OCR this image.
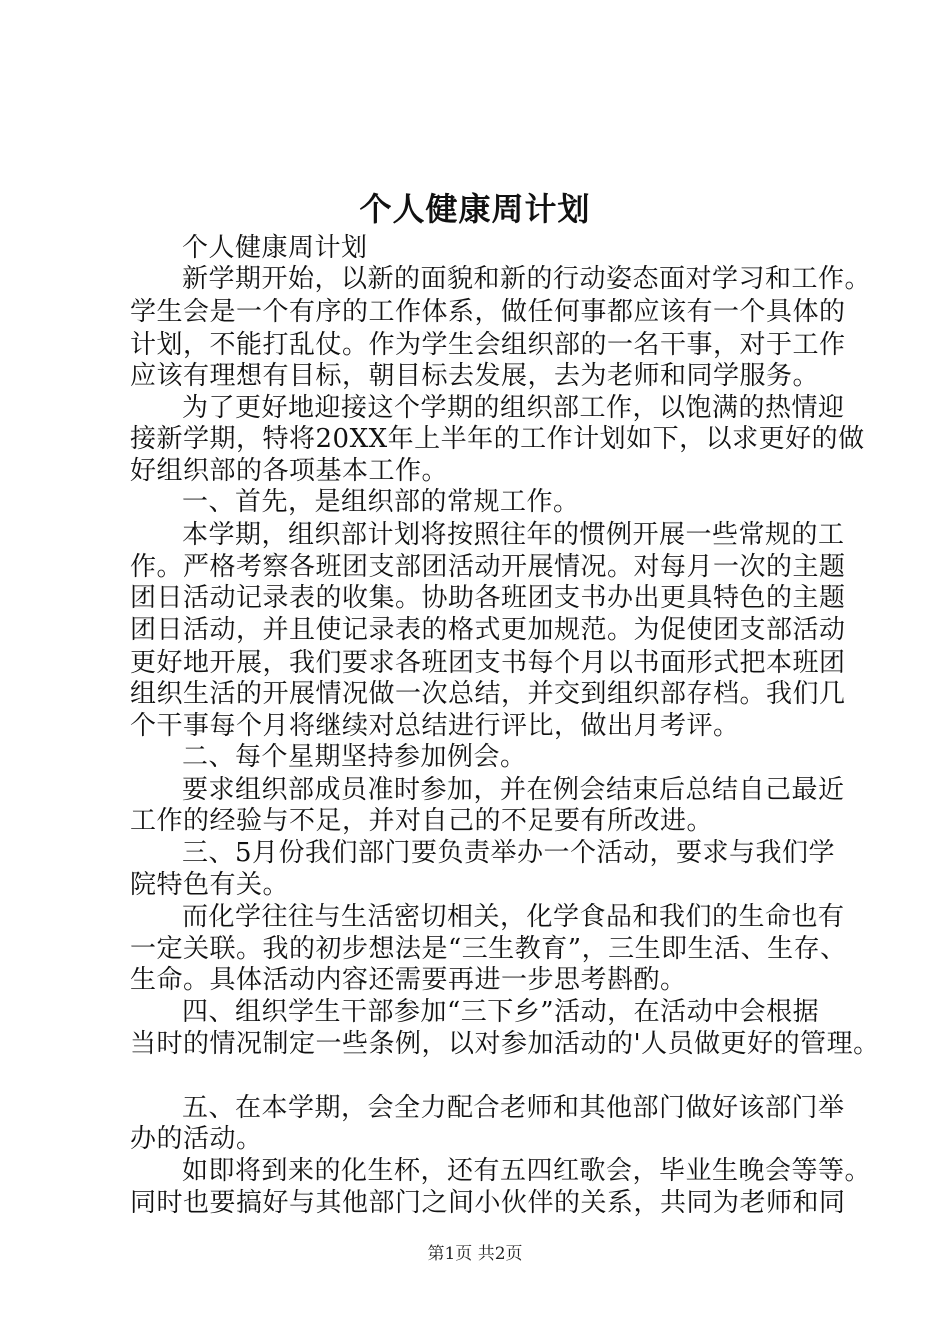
个人健康周计划
个人健康周计划
新学期开始，以新的面貌和新的行动姿态面对学习和工作。
学生会是一个有序的工作体系，做任何事都应该有一个具体的
计划，不能打乱仗。作为学生会组织部的一名干事，对于工作
应该有理想有目标，朝目标去发展，去为老师和同学服务。
为了更好地迎接这个学期的组织部工作，以饱满的热情迎
接新学期，特将20XX年上半年的工作计划如下，以求更好的做
好组织部的各项基本工作。
一、首先，是组织部的常规工作。
本学期，组织部计划将按照往年的惯例开展一些常规的工
作。严格考察各班团支部团活动开展情况。对每月一次的主题
团日活动记录表的收集。协助各班团支书办出更具特色的主题
团日活动，并且使记录表的格式更加规范。为促使团支部活动
更好地开展，我们要求各班团支书每个月以书面形式把本班团
组织生活的开展情况做一次总结，并交到组织部存档。我们几
个干事每个月将继续对总结进行评比，做出月考评。
二、每个星期坚持参加例会。
要求组织部成员准时参加，并在例会结束后总结自己最近
工作的经验与不足，并对自己的不足要有所改进。
三、5月份我们部门要负责举办一个活动，要求与我们学
院特色有关。
而化学往往与生活密切相关，化学食品和我们的生命也有
一定关联。我的初步想法是“三生教育”，三生即生活、生存、
生命。具体活动内容还需要再进一步思考斟酌。
四、组织学生干部参加“三下乡”活动，在活动中会根据
当时的情况制定一些条例，以对参加活动的'人员做更好的管理。
五、在本学期，会全力配合老师和其他部门做好该部门举
办的活动。
如即将到来的化生杯，还有五四红歌会，毕业生晚会等等。
同时也要搞好与其他部门之间小伙伴的关系，共同为老师和同
第1页 共2页
